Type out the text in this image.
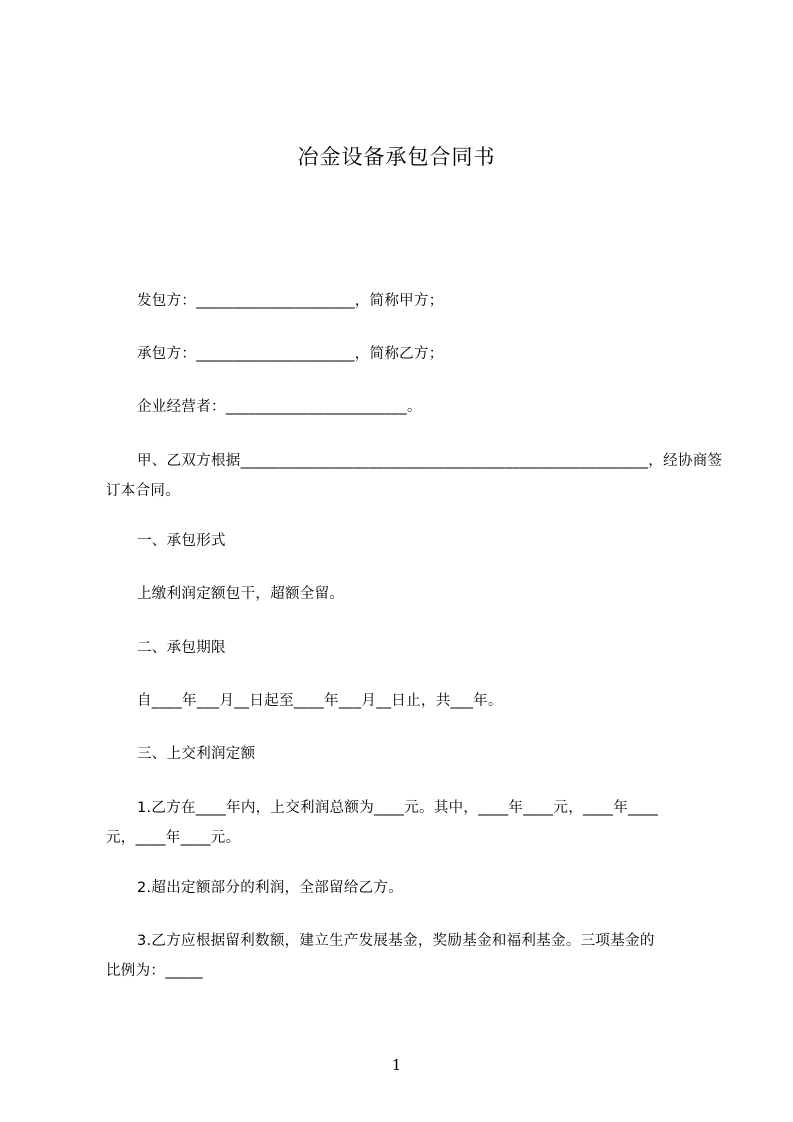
冶金设备承包合同书
发包方：_____________________，简称甲方；
承包方：_____________________，简称乙方；
企业经营者：________________________。
甲、乙双方根据______________________________________________________，经协商签
订本合同。
一、承包形式
上缴利润定额包干，超额全留。
二、承包期限
自____年___月__日起至____年___月__日止，共___年。
三、上交利润定额
1.乙方在____年内，上交利润总额为____元。其中，____年____元，____年____
元，____年____元。
2.超出定额部分的利润，全部留给乙方。
3.乙方应根据留利数额，建立生产发展基金，奖励基金和福利基金。三项基金的
比例为：_____
1
